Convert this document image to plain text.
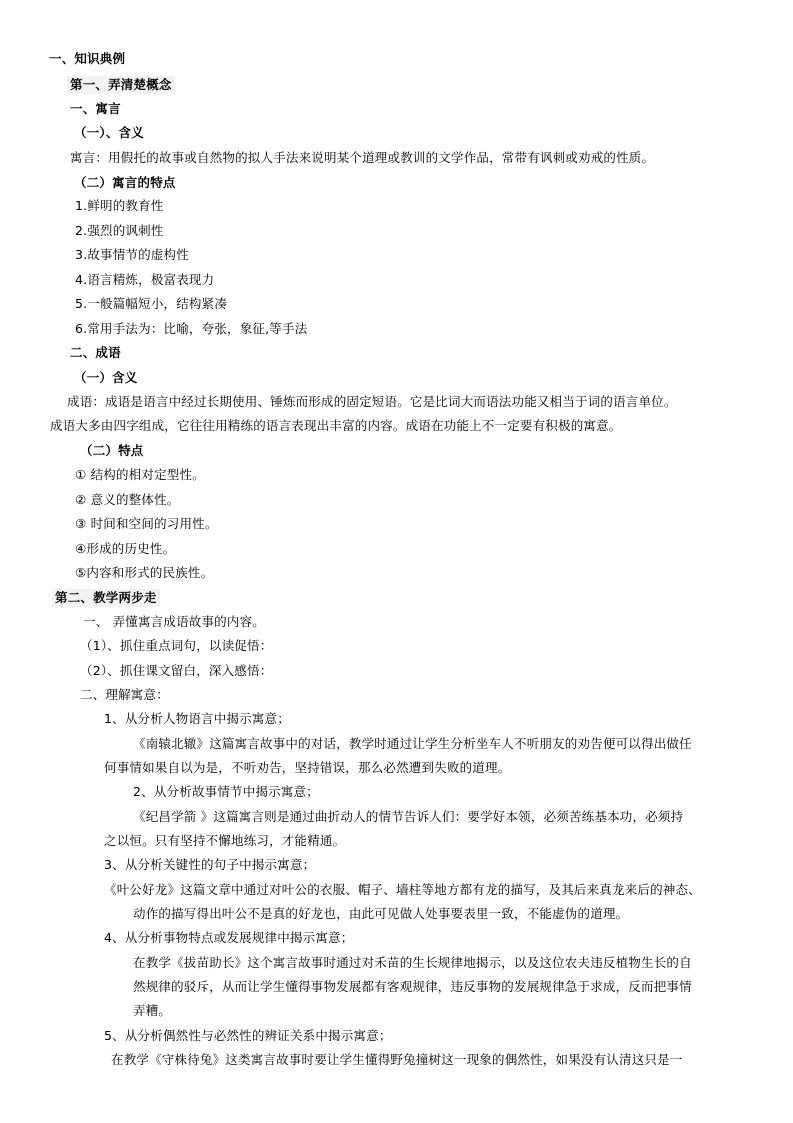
一、知识典例
第一、弄清楚概念
一、寓言
（一）、含义
寓言：用假托的故事或自然物的拟人手法来说明某个道理或教训的文学作品，常带有讽刺或劝戒的性质。
（二）寓言的特点
1.鲜明的教育性
2.强烈的讽刺性
3.故事情节的虚构性
4.语言精炼，极富表现力
5.一般篇幅短小，结构紧凑
6.常用手法为：比喻，夸张，象征,等手法
二、成语
（一）含义
成语：成语是语言中经过长期使用、锤炼而形成的固定短语。它是比词大而语法功能又相当于词的语言单位。
成语大多由四字组成，它往往用精练的语言表现出丰富的内容。成语在功能上不一定要有积极的寓意。
（二）特点
① 结构的相对定型性。
② 意义的整体性。
③ 时间和空间的习用性。
④形成的历史性。
⑤内容和形式的民族性。
第二、教学两步走
一、 弄懂寓言成语故事的内容。
（1）、抓住重点词句，以读促悟：
（2）、抓住课文留白，深入感悟：
二、理解寓意：
1、从分析人物语言中揭示寓意；
《南辕北辙》这篇寓言故事中的对话，教学时通过让学生分析坐车人不听朋友的劝告便可以得出做任
何事情如果自以为是，不听劝告，坚持错误，那么必然遭到失败的道理。
2、从分析故事情节中揭示寓意；
《纪昌学箭 》这篇寓言则是通过曲折动人的情节告诉人们：要学好本领，必须苦练基本功，必须持
之以恒。只有坚持不懈地练习，才能精通。
3、从分析关键性的句子中揭示寓意；
《叶公好龙》这篇文章中通过对叶公的衣服、帽子、墙柱等地方都有龙的描写，及其后来真龙来后的神态、
动作的描写得出叶公不是真的好龙也，由此可见做人处事要表里一致，不能虚伪的道理。
4、从分析事物特点或发展规律中揭示寓意；
在教学《拔苗助长》这个寓言故事时通过对禾苗的生长规律地揭示，以及这位农夫违反植物生长的自
然规律的驳斥，从而让学生懂得事物发展都有客观规律，违反事物的发展规律急于求成，反而把事情
弄糟。
5、从分析偶然性与必然性的辨证关系中揭示寓意；
在教学《守株待兔》这类寓言故事时要让学生懂得野兔撞树这一现象的偶然性，如果没有认清这只是一
